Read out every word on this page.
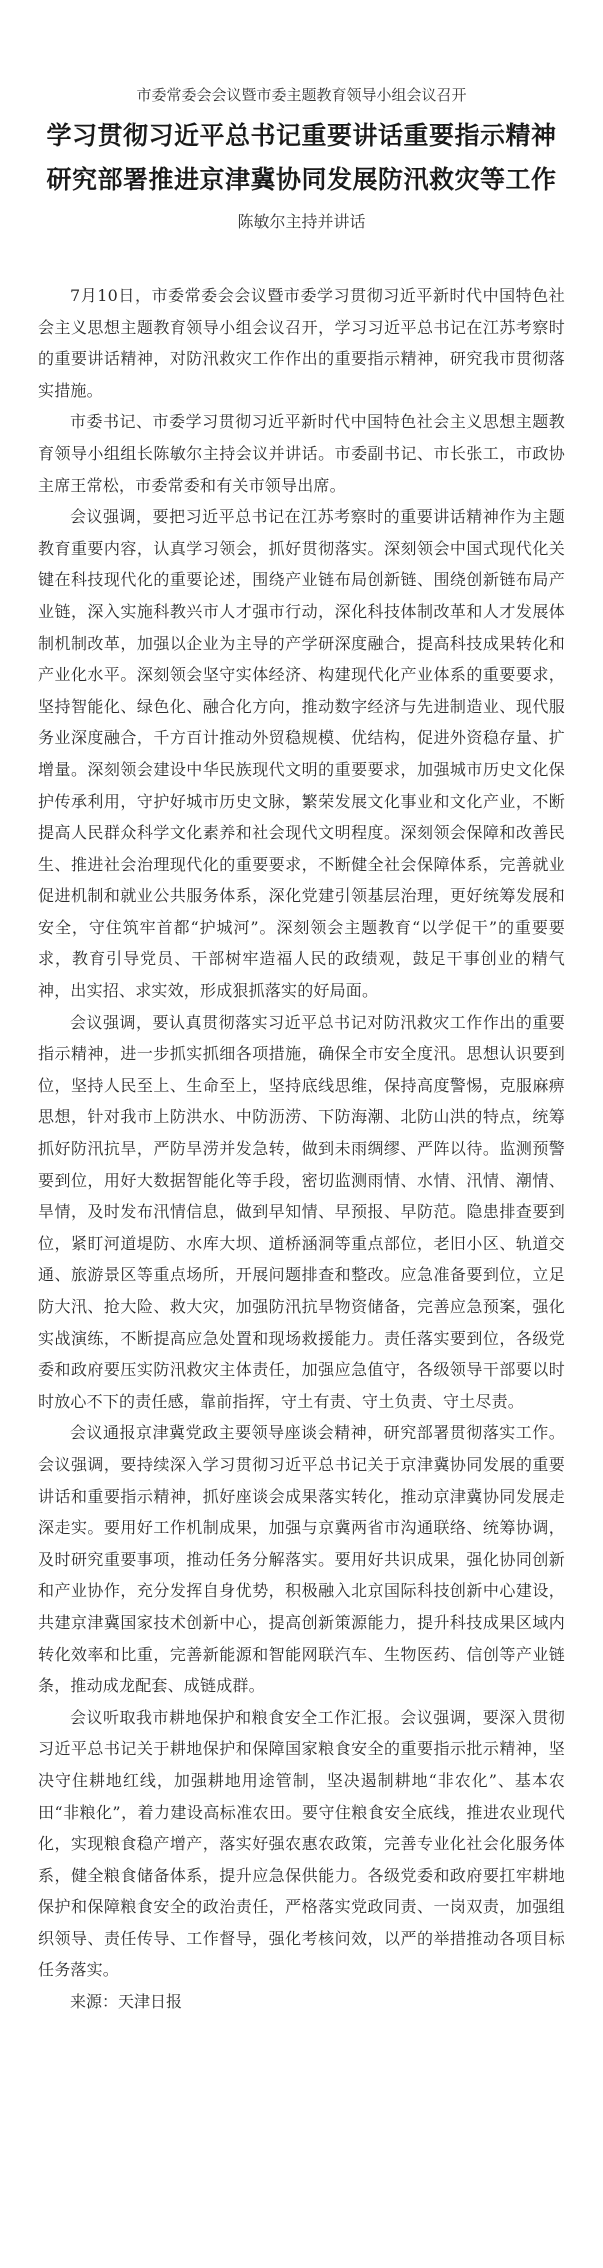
市委常委会会议暨市委主题教育领导小组会议召开

学习贯彻习近平总书记重要讲话重要指示精神
研究部署推进京津冀协同发展防汛救灾等工作

陈敏尔主持并讲话

7月10日，市委常委会会议暨市委学习贯彻习近平新时代中国特色社会主义思想主题教育领导小组会议召开，学习习近平总书记在江苏考察时的重要讲话精神，对防汛救灾工作作出的重要指示精神，研究我市贯彻落实措施。

市委书记、市委学习贯彻习近平新时代中国特色社会主义思想主题教育领导小组组长陈敏尔主持会议并讲话。市委副书记、市长张工，市政协主席王常松，市委常委和有关市领导出席。

会议强调，要把习近平总书记在江苏考察时的重要讲话精神作为主题教育重要内容，认真学习领会，抓好贯彻落实。深刻领会中国式现代化关键在科技现代化的重要论述，围绕产业链布局创新链、围绕创新链布局产业链，深入实施科教兴市人才强市行动，深化科技体制改革和人才发展体制机制改革，加强以企业为主导的产学研深度融合，提高科技成果转化和产业化水平。深刻领会坚守实体经济、构建现代化产业体系的重要要求，坚持智能化、绿色化、融合化方向，推动数字经济与先进制造业、现代服务业深度融合，千方百计推动外贸稳规模、优结构，促进外资稳存量、扩增量。深刻领会建设中华民族现代文明的重要要求，加强城市历史文化保护传承利用，守护好城市历史文脉，繁荣发展文化事业和文化产业，不断提高人民群众科学文化素养和社会现代文明程度。深刻领会保障和改善民生、推进社会治理现代化的重要要求，不断健全社会保障体系，完善就业促进机制和就业公共服务体系，深化党建引领基层治理，更好统筹发展和安全，守住筑牢首都“护城河”。深刻领会主题教育“以学促干”的重要要求，教育引导党员、干部树牢造福人民的政绩观，鼓足干事创业的精气神，出实招、求实效，形成狠抓落实的好局面。

会议强调，要认真贯彻落实习近平总书记对防汛救灾工作作出的重要指示精神，进一步抓实抓细各项措施，确保全市安全度汛。思想认识要到位，坚持人民至上、生命至上，坚持底线思维，保持高度警惕，克服麻痹思想，针对我市上防洪水、中防沥涝、下防海潮、北防山洪的特点，统筹抓好防汛抗旱，严防旱涝并发急转，做到未雨绸缪、严阵以待。监测预警要到位，用好大数据智能化等手段，密切监测雨情、水情、汛情、潮情、旱情，及时发布汛情信息，做到早知情、早预报、早防范。隐患排查要到位，紧盯河道堤防、水库大坝、道桥涵洞等重点部位，老旧小区、轨道交通、旅游景区等重点场所，开展问题排查和整改。应急准备要到位，立足防大汛、抢大险、救大灾，加强防汛抗旱物资储备，完善应急预案，强化实战演练，不断提高应急处置和现场救援能力。责任落实要到位，各级党委和政府要压实防汛救灾主体责任，加强应急值守，各级领导干部要以时时放心不下的责任感，靠前指挥，守土有责、守土负责、守土尽责。

会议通报京津冀党政主要领导座谈会精神，研究部署贯彻落实工作。会议强调，要持续深入学习贯彻习近平总书记关于京津冀协同发展的重要讲话和重要指示精神，抓好座谈会成果落实转化，推动京津冀协同发展走深走实。要用好工作机制成果，加强与京冀两省市沟通联络、统筹协调，及时研究重要事项，推动任务分解落实。要用好共识成果，强化协同创新和产业协作，充分发挥自身优势，积极融入北京国际科技创新中心建设，共建京津冀国家技术创新中心，提高创新策源能力，提升科技成果区域内转化效率和比重，完善新能源和智能网联汽车、生物医药、信创等产业链条，推动成龙配套、成链成群。

会议听取我市耕地保护和粮食安全工作汇报。会议强调，要深入贯彻习近平总书记关于耕地保护和保障国家粮食安全的重要指示批示精神，坚决守住耕地红线，加强耕地用途管制，坚决遏制耕地“非农化”、基本农田“非粮化”，着力建设高标准农田。要守住粮食安全底线，推进农业现代化，实现粮食稳产增产，落实好强农惠农政策，完善专业化社会化服务体系，健全粮食储备体系，提升应急保供能力。各级党委和政府要扛牢耕地保护和保障粮食安全的政治责任，严格落实党政同责、一岗双责，加强组织领导、责任传导、工作督导，强化考核问效，以严的举措推动各项目标任务落实。

来源：天津日报
